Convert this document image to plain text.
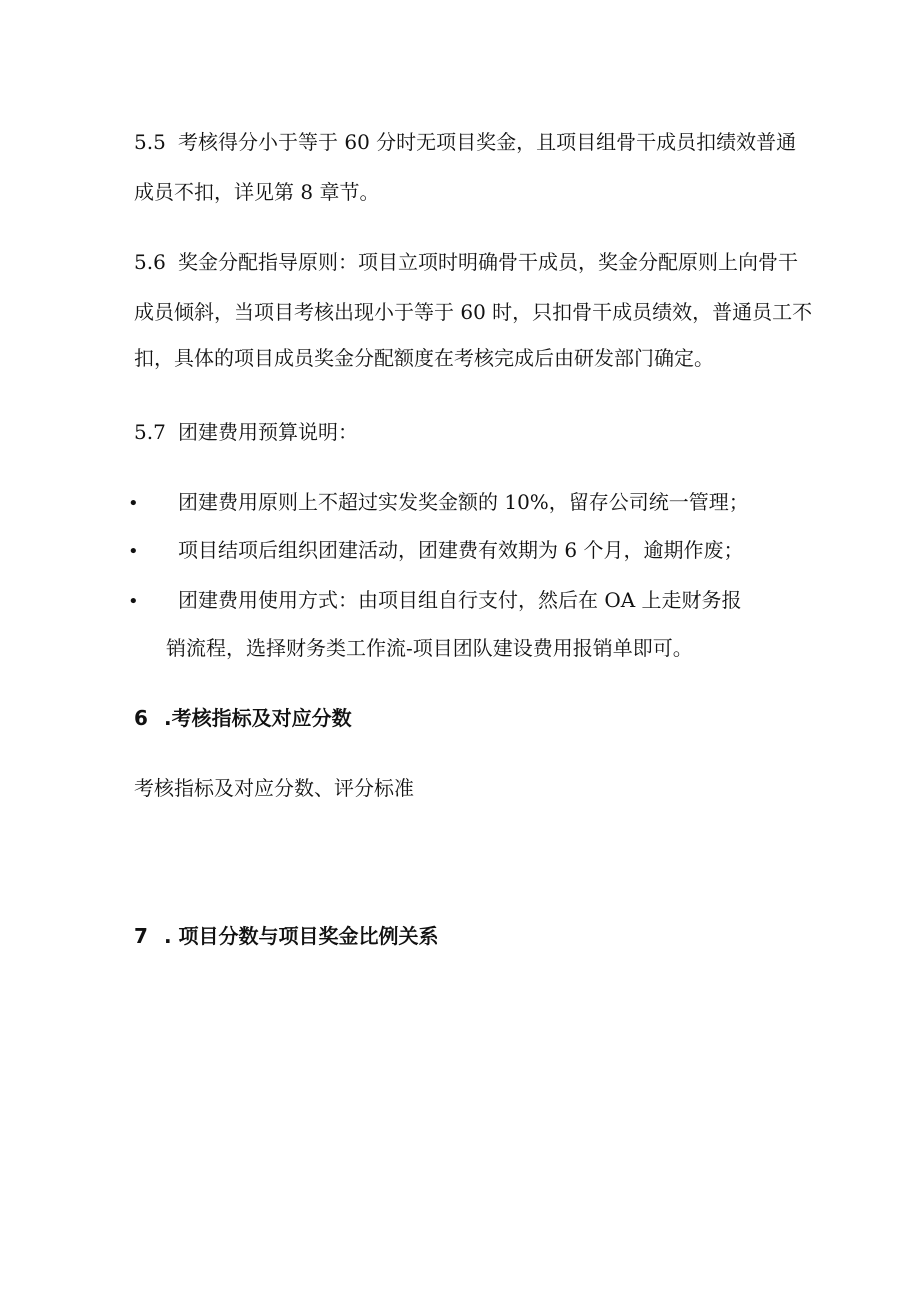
5.5 考核得分小于等于 60 分时无项目奖金，且项目组骨干成员扣绩效普通
成员不扣，详见第 8 章节。
5.6 奖金分配指导原则：项目立项时明确骨干成员，奖金分配原则上向骨干
成员倾斜，当项目考核出现小于等于 60 时，只扣骨干成员绩效，普通员工不
扣，具体的项目成员奖金分配额度在考核完成后由研发部门确定。
5.7 团建费用预算说明：
• 团建费用原则上不超过实发奖金额的 10%，留存公司统一管理；
• 项目结项后组织团建活动，团建费有效期为 6 个月，逾期作废；
• 团建费用使用方式：由项目组自行支付，然后在 OA 上走财务报
销流程，选择财务类工作流-项目团队建设费用报销单即可。
6 .考核指标及对应分数
考核指标及对应分数、评分标准
7 . 项目分数与项目奖金比例关系
